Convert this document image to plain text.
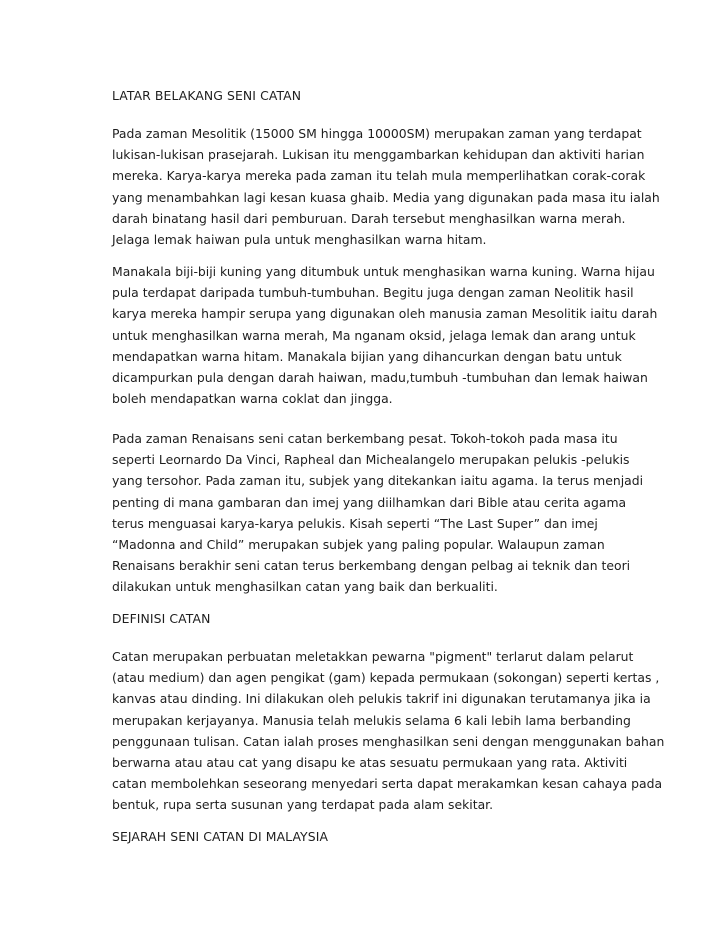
LATAR BELAKANG SENI CATAN
Pada zaman Mesolitik (15000 SM hingga 10000SM) merupakan zaman yang terdapat
lukisan-lukisan prasejarah. Lukisan itu menggambarkan kehidupan dan aktiviti harian
mereka. Karya-karya mereka pada zaman itu telah mula memperlihatkan corak-corak
yang menambahkan lagi kesan kuasa ghaib. Media yang digunakan pada masa itu ialah
darah binatang hasil dari pemburuan. Darah tersebut menghasilkan warna merah.
Jelaga lemak haiwan pula untuk menghasilkan warna hitam.
Manakala biji-biji kuning yang ditumbuk untuk menghasikan warna kuning. Warna hijau
pula terdapat daripada tumbuh-tumbuhan. Begitu juga dengan zaman Neolitik hasil
karya mereka hampir serupa yang digunakan oleh manusia zaman Mesolitik iaitu darah
untuk menghasilkan warna merah, Ma nganam oksid, jelaga lemak dan arang untuk
mendapatkan warna hitam. Manakala bijian yang dihancurkan dengan batu untuk
dicampurkan pula dengan darah haiwan, madu,tumbuh -tumbuhan dan lemak haiwan
boleh mendapatkan warna coklat dan jingga.
Pada zaman Renaisans seni catan berkembang pesat. Tokoh-tokoh pada masa itu
seperti Leornardo Da Vinci, Rapheal dan Michealangelo merupakan pelukis -pelukis
yang tersohor. Pada zaman itu, subjek yang ditekankan iaitu agama. Ia terus menjadi
penting di mana gambaran dan imej yang diilhamkan dari Bible atau cerita agama
terus menguasai karya-karya pelukis. Kisah seperti “The Last Super” dan imej
“Madonna and Child” merupakan subjek yang paling popular. Walaupun zaman
Renaisans berakhir seni catan terus berkembang dengan pelbag ai teknik dan teori
dilakukan untuk menghasilkan catan yang baik dan berkualiti.
DEFINISI CATAN
Catan merupakan perbuatan meletakkan pewarna "pigment" terlarut dalam pelarut
(atau medium) dan agen pengikat (gam) kepada permukaan (sokongan) seperti kertas ,
kanvas atau dinding. Ini dilakukan oleh pelukis takrif ini digunakan terutamanya jika ia
merupakan kerjayanya. Manusia telah melukis selama 6 kali lebih lama berbanding
penggunaan tulisan. Catan ialah proses menghasilkan seni dengan menggunakan bahan
berwarna atau atau cat yang disapu ke atas sesuatu permukaan yang rata. Aktiviti
catan membolehkan seseorang menyedari serta dapat merakamkan kesan cahaya pada
bentuk, rupa serta susunan yang terdapat pada alam sekitar.
SEJARAH SENI CATAN DI MALAYSIA
